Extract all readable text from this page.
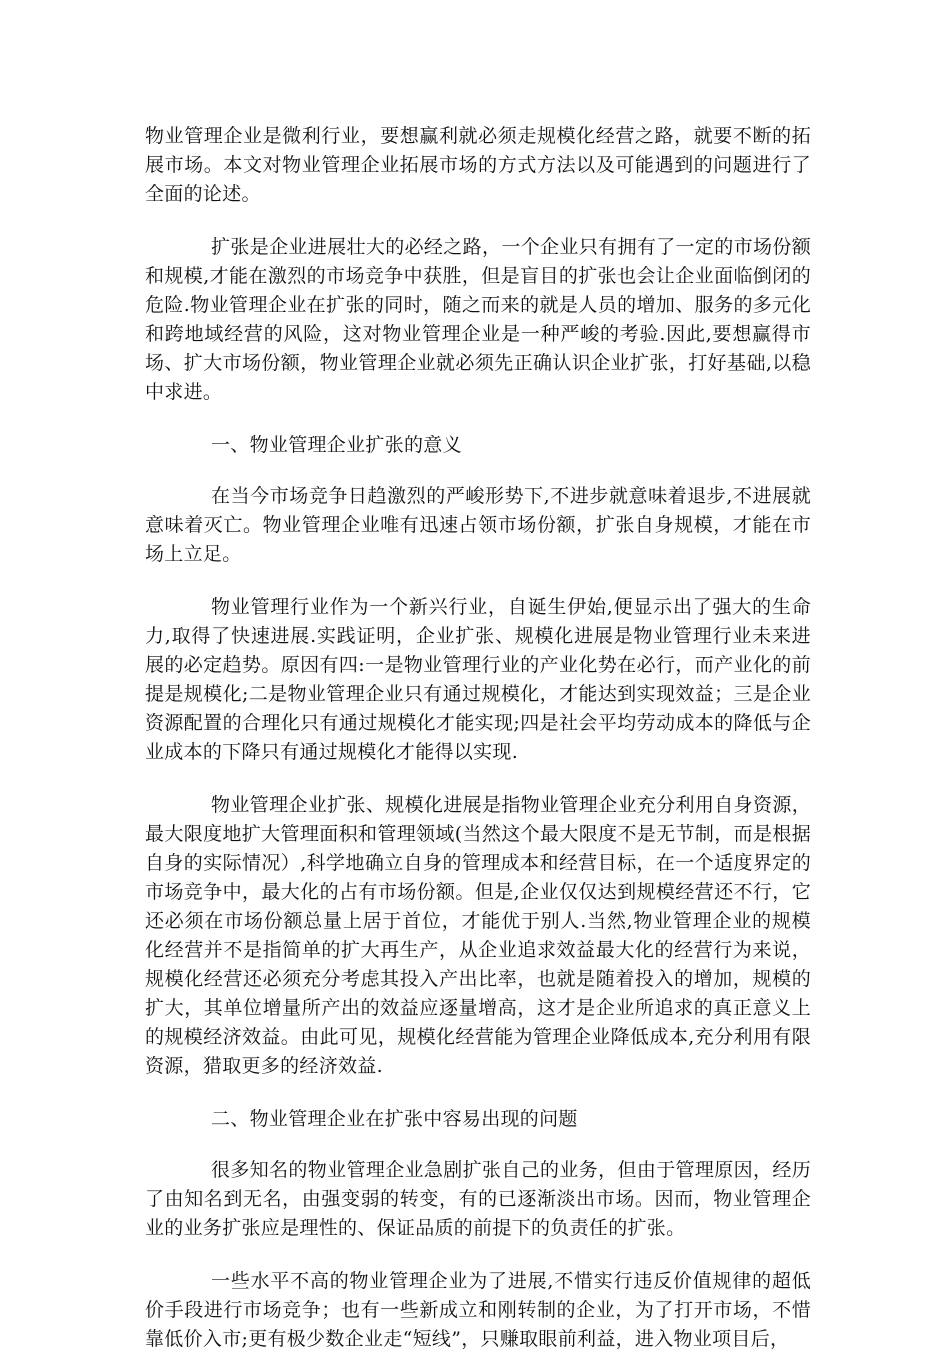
物业管理企业是微利行业，要想赢利就必须走规模化经营之路，就要不断的拓展市场。本文对物业管理企业拓展市场的方式方法以及可能遇到的问题进行了全面的论述。

扩张是企业进展壮大的必经之路，一个企业只有拥有了一定的市场份额和规模,才能在激烈的市场竞争中获胜，但是盲目的扩张也会让企业面临倒闭的危险.物业管理企业在扩张的同时，随之而来的就是人员的增加、服务的多元化和跨地域经营的风险，这对物业管理企业是一种严峻的考验.因此,要想赢得市场、扩大市场份额，物业管理企业就必须先正确认识企业扩张，打好基础,以稳中求进。

一、物业管理企业扩张的意义

在当今市场竞争日趋激烈的严峻形势下,不进步就意味着退步,不进展就意味着灭亡。物业管理企业唯有迅速占领市场份额，扩张自身规模，才能在市场上立足。

物业管理行业作为一个新兴行业，自诞生伊始,便显示出了强大的生命力,取得了快速进展.实践证明，企业扩张、规模化进展是物业管理行业未来进展的必定趋势。原因有四:一是物业管理行业的产业化势在必行，而产业化的前提是规模化;二是物业管理企业只有通过规模化，才能达到实现效益；三是企业资源配置的合理化只有通过规模化才能实现;四是社会平均劳动成本的降低与企业成本的下降只有通过规模化才能得以实现.

物业管理企业扩张、规模化进展是指物业管理企业充分利用自身资源，最大限度地扩大管理面积和管理领域(当然这个最大限度不是无节制，而是根据自身的实际情况）,科学地确立自身的管理成本和经营目标，在一个适度界定的市场竞争中，最大化的占有市场份额。但是,企业仅仅达到规模经营还不行，它还必须在市场份额总量上居于首位，才能优于别人.当然,物业管理企业的规模化经营并不是指简单的扩大再生产，从企业追求效益最大化的经营行为来说，规模化经营还必须充分考虑其投入产出比率，也就是随着投入的增加，规模的扩大，其单位增量所产出的效益应逐量增高，这才是企业所追求的真正意义上的规模经济效益。由此可见，规模化经营能为管理企业降低成本,充分利用有限资源，猎取更多的经济效益.

二、物业管理企业在扩张中容易出现的问题

很多知名的物业管理企业急剧扩张自己的业务，但由于管理原因，经历了由知名到无名，由强变弱的转变，有的已逐渐淡出市场。因而，物业管理企业的业务扩张应是理性的、保证品质的前提下的负责任的扩张。

一些水平不高的物业管理企业为了进展,不惜实行违反价值规律的超低价手段进行市场竞争；也有一些新成立和刚转制的企业，为了打开市场，不惜靠低价入市;更有极少数企业走“短线”，只赚取眼前利益，进入物业项目后，
